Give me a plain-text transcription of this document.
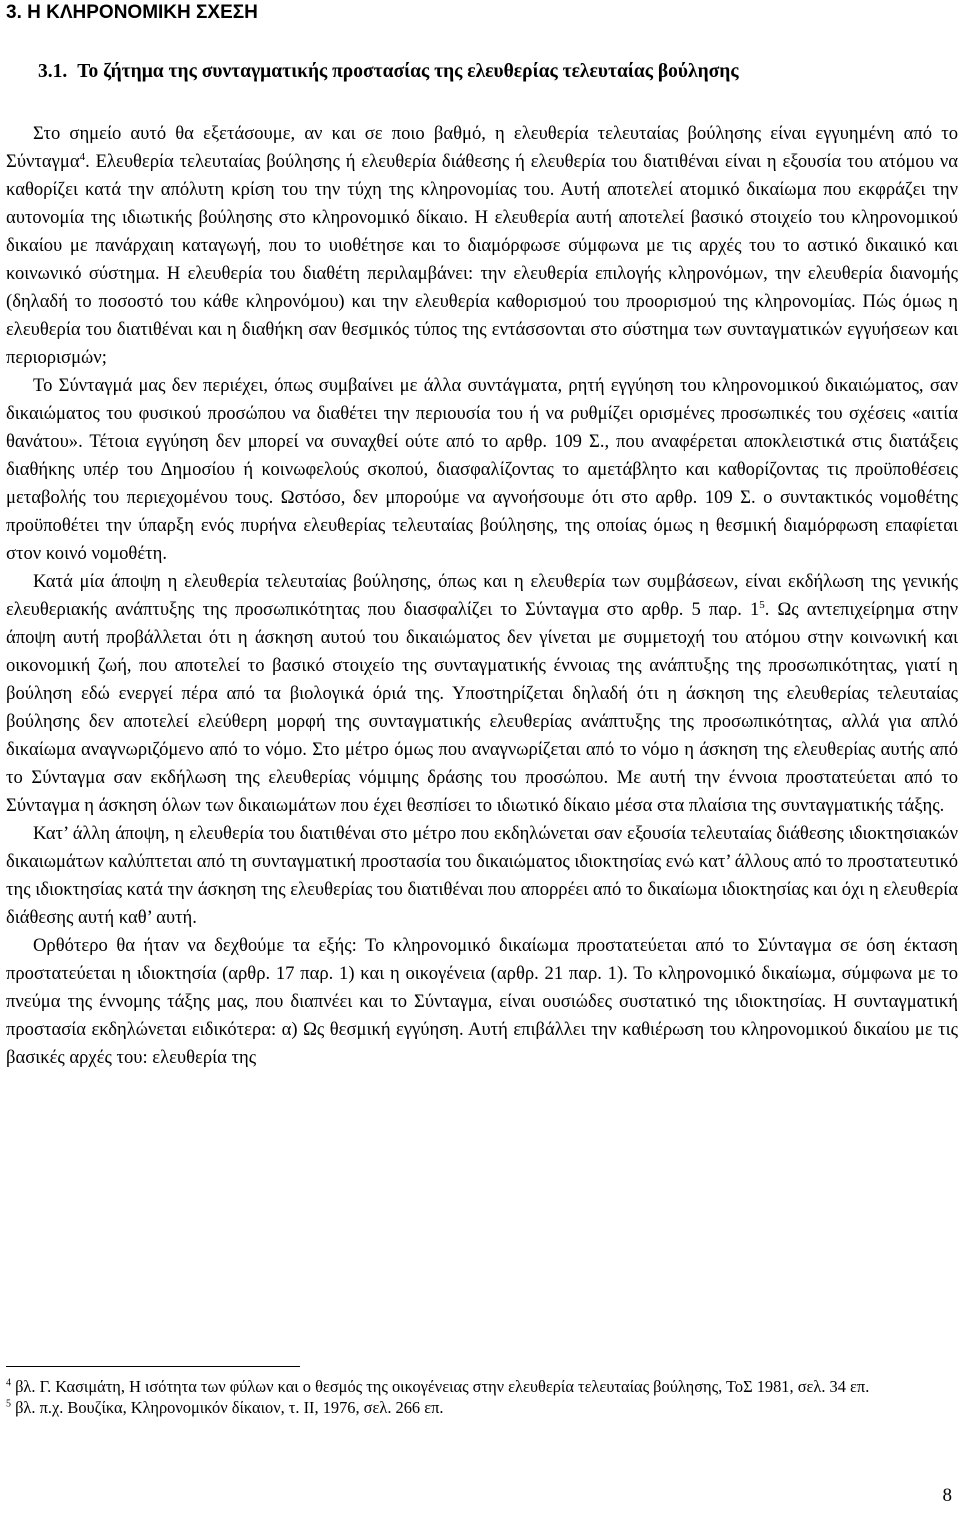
3. Η ΚΛΗΡΟΝΟΜΙΚΗ ΣΧΕΣΗ
3.1. Το ζήτημα της συνταγματικής προστασίας της ελευθερίας τελευταίας βούλησης

Στο σημείο αυτό θα εξετάσουμε, αν και σε ποιο βαθμό, η ελευθερία τελευταίας βούλησης είναι εγγυημένη από το Σύνταγμα$^4$. Ελευθερία τελευταίας βούλησης ή ελευθερία διάθεσης ή ελευθερία του διατιθέναι είναι η εξουσία του ατόμου να καθορίζει κατά την απόλυτη κρίση του την τύχη της κληρονομίας του. Αυτή αποτελεί ατομικό δικαίωμα που εκφράζει την αυτονομία της ιδιωτικής βούλησης στο κληρονομικό δίκαιο. Η ελευθερία αυτή αποτελεί βασικό στοιχείο του κληρονομικού δικαίου με πανάρχαιη καταγωγή, που το υιοθέτησε και το διαμόρφωσε σύμφωνα με τις αρχές του το αστικό δικαιικό και κοινωνικό σύστημα. Η ελευθερία του διαθέτη περιλαμβάνει: την ελευθερία επιλογής κληρονόμων, την ελευθερία διανομής (δηλαδή το ποσοστό του κάθε κληρονόμου) και την ελευθερία καθορισμού του προορισμού της κληρονομίας. Πώς όμως η ελευθερία του διατιθέναι και η διαθήκη σαν θεσμικός τύπος της εντάσσονται στο σύστημα των συνταγματικών εγγυήσεων και περιορισμών;

Το Σύνταγμά μας δεν περιέχει, όπως συμβαίνει με άλλα συντάγματα, ρητή εγγύηση του κληρονομικού δικαιώματος, σαν δικαιώματος του φυσικού προσώπου να διαθέτει την περιουσία του ή να ρυθμίζει ορισμένες προσωπικές του σχέσεις «αιτία θανάτου». Τέτοια εγγύηση δεν μπορεί να συναχθεί ούτε από το αρθρ. 109 Σ., που αναφέρεται αποκλειστικά στις διατάξεις διαθήκης υπέρ του Δημοσίου ή κοινωφελούς σκοπού, διασφαλίζοντας το αμετάβλητο και καθορίζοντας τις προϋποθέσεις μεταβολής του περιεχομένου τους. Ωστόσο, δεν μπορούμε να αγνοήσουμε ότι στο αρθρ. 109 Σ. ο συντακτικός νομοθέτης προϋποθέτει την ύπαρξη ενός πυρήνα ελευθερίας τελευταίας βούλησης, της οποίας όμως η θεσμική διαμόρφωση επαφίεται στον κοινό νομοθέτη.

Κατά μία άποψη η ελευθερία τελευταίας βούλησης, όπως και η ελευθερία των συμβάσεων, είναι εκδήλωση της γενικής ελευθεριακής ανάπτυξης της προσωπικότητας που διασφαλίζει το Σύνταγμα στο αρθρ. 5 παρ. $1^5$. Ως αντεπιχείρημα στην άποψη αυτή προβάλλεται ότι η άσκηση αυτού του δικαιώματος δεν γίνεται με συμμετοχή του ατόμου στην κοινωνική και οικονομική ζωή, που αποτελεί το βασικό στοιχείο της συνταγματικής έννοιας της ανάπτυξης της προσωπικότητας, γιατί η βούληση εδώ ενεργεί πέρα από τα βιολογικά όριά της. Υποστηρίζεται δηλαδή ότι η άσκηση της ελευθερίας τελευταίας βούλησης δεν αποτελεί ελεύθερη μορφή της συνταγματικής ελευθερίας ανάπτυξης της προσωπικότητας, αλλά για απλό δικαίωμα αναγνωριζόμενο από το νόμο. Στο μέτρο όμως που αναγνωρίζεται από το νόμο η άσκηση της ελευθερίας αυτής από το Σύνταγμα σαν εκδήλωση της ελευθερίας νόμιμης δράσης του προσώπου. Με αυτή την έννοια προστατεύεται από το Σύνταγμα η άσκηση όλων των δικαιωμάτων που έχει θεσπίσει το ιδιωτικό δίκαιο μέσα στα πλαίσια της συνταγματικής τάξης.

Κατ’ άλλη άποψη, η ελευθερία του διατιθέναι στο μέτρο που εκδηλώνεται σαν εξουσία τελευταίας διάθεσης ιδιοκτησιακών δικαιωμάτων καλύπτεται από τη συνταγματική προστασία του δικαιώματος ιδιοκτησίας ενώ κατ’ άλλους από το προστατευτικό της ιδιοκτησίας κατά την άσκηση της ελευθερίας του διατιθέναι που απορρέει από το δικαίωμα ιδιοκτησίας και όχι η ελευθερία διάθεσης αυτή καθ’ αυτή.

Ορθότερο θα ήταν να δεχθούμε τα εξής: Το κληρονομικό δικαίωμα προστατεύεται από το Σύνταγμα σε όση έκταση προστατεύεται η ιδιοκτησία (αρθρ. 17 παρ. 1) και η οικογένεια (αρθρ. 21 παρ. 1). Το κληρονομικό δικαίωμα, σύμφωνα με το πνεύμα της έννομης τάξης μας, που διαπνέει και το Σύνταγμα, είναι ουσιώδες συστατικό της ιδιοκτησίας. Η συνταγματική προστασία εκδηλώνεται ειδικότερα: α) Ως θεσμική εγγύηση. Αυτή επιβάλλει την καθιέρωση του κληρονομικού δικαίου με τις βασικές αρχές του: ελευθερία της

$^4$ βλ. Γ. Κασιμάτη, Η ισότητα των φύλων και ο θεσμός της οικογένειας στην ελευθερία τελευταίας βούλησης, ΤοΣ 1981, σελ. 34 επ.

$^5$ βλ. π.χ. Βουζίκα, Κληρονομικόν δίκαιον, τ. II, 1976, σελ. 266 επ.

8
